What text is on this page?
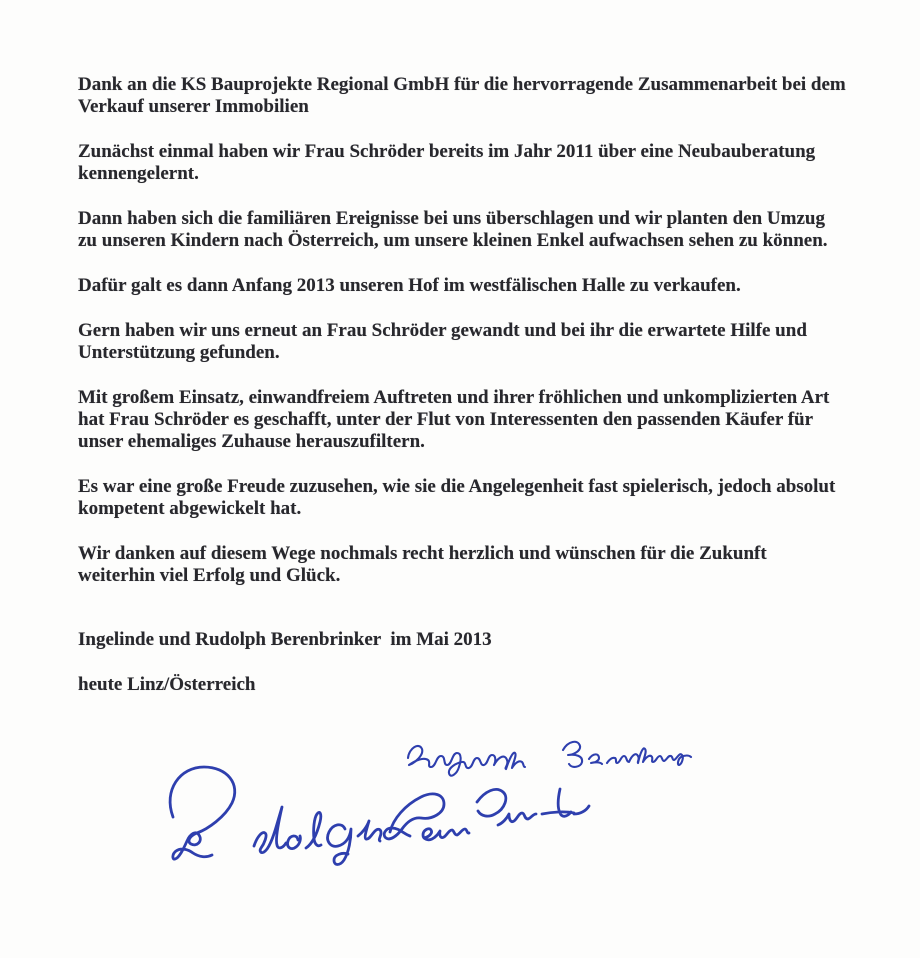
Dank an die KS Bauprojekte Regional GmbH für die hervorragende Zusammenarbeit bei dem Verkauf unserer Immobilien

Zunächst einmal haben wir Frau Schröder bereits im Jahr 2011 über eine Neubauberatung kennengelernt.

Dann haben sich die familiären Ereignisse bei uns überschlagen und wir planten den Umzug zu unseren Kindern nach Österreich, um unsere kleinen Enkel aufwachsen sehen zu können.

Dafür galt es dann Anfang 2013 unseren Hof im westfälischen Halle zu verkaufen.

Gern haben wir uns erneut an Frau Schröder gewandt und bei ihr die erwartete Hilfe und Unterstützung gefunden.

Mit großem Einsatz, einwandfreiem Auftreten und ihrer fröhlichen und unkomplizierten Art hat Frau Schröder es geschafft, unter der Flut von Interessenten den passenden Käufer für unser ehemaliges Zuhause herauszufiltern.

Es war eine große Freude zuzusehen, wie sie die Angelegenheit fast spielerisch, jedoch absolut kompetent abgewickelt hat.

Wir danken auf diesem Wege nochmals recht herzlich und wünschen für die Zukunft weiterhin viel Erfolg und Glück.

Ingelinde und Rudolph Berenbrinker  im Mai 2013

heute Linz/Österreich
